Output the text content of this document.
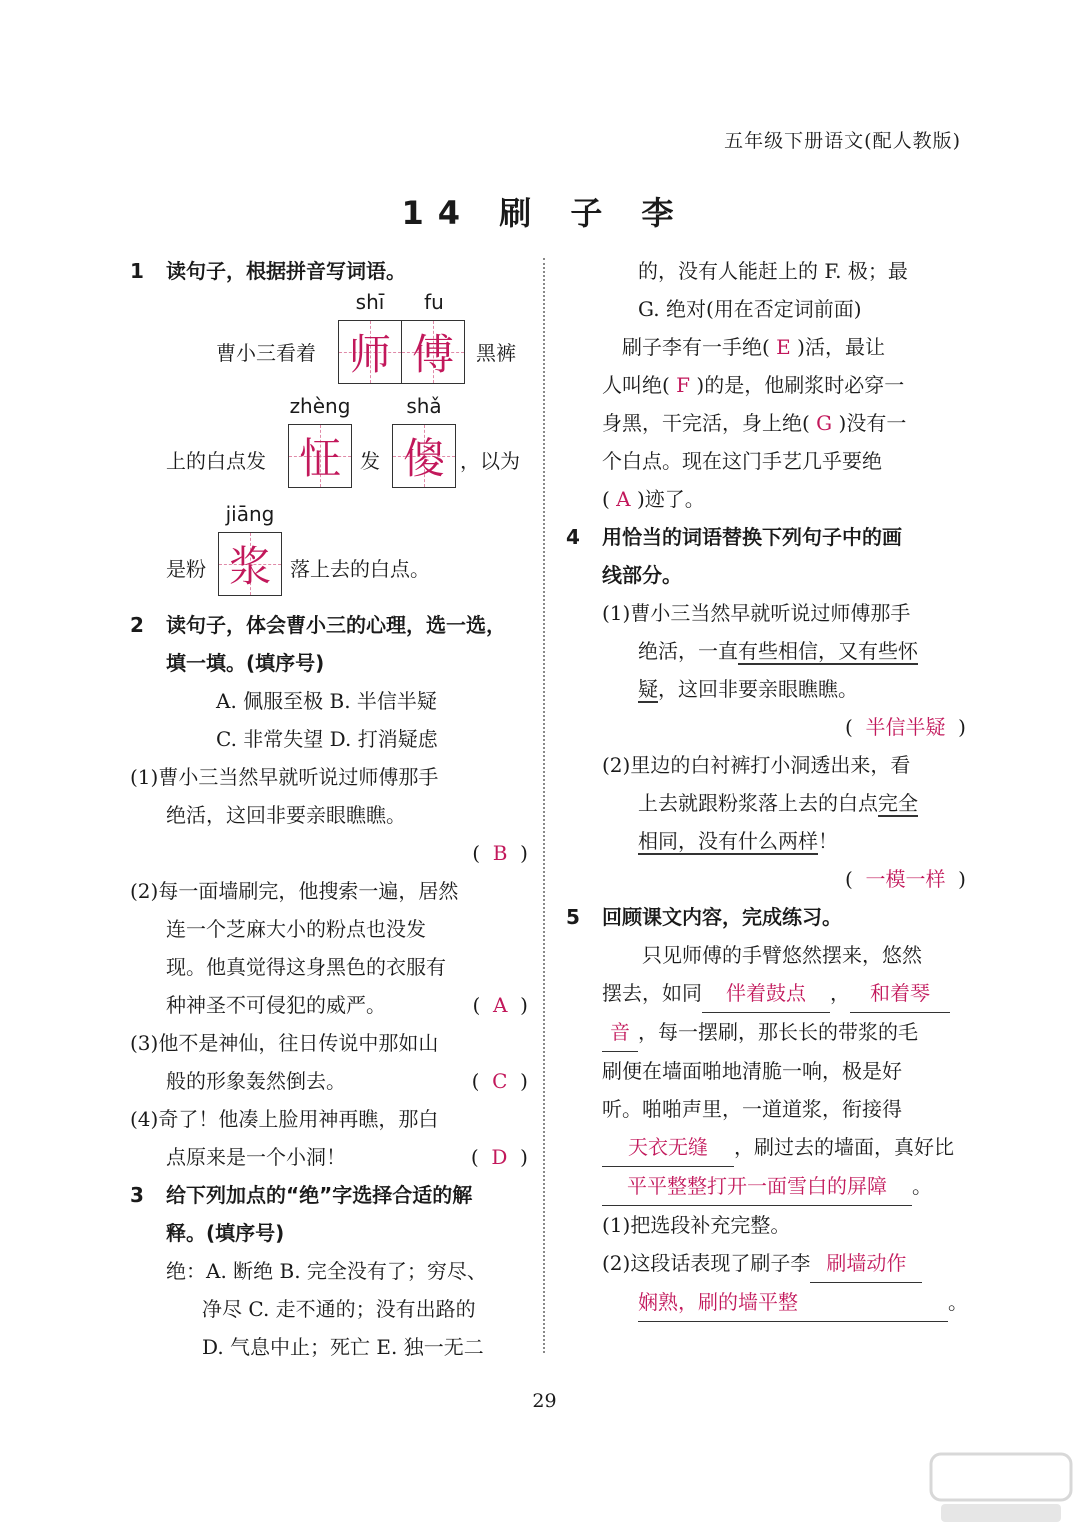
五年级下册语文(配人教版)
14 刷 子 李
1	读句子，根据拼音写词语。
曹小三看着
shī	fu
师 傅 黑裤
上的白点发
zhèng
怔 发
shǎ
傻 ，以为
是粉
jiāng
浆 落上去的白点。
2	读句子，体会曹小三的心理，选一选，
填一填。(填序号)
A. 佩服至极 B. 半信半疑
C. 非常失望 D. 打消疑虑
(1)曹小三当然早就听说过师傅那手
绝活，这回非要亲眼瞧瞧。
(  B  )
(2)每一面墙刷完，他搜索一遍，居然
连一个芝麻大小的粉点也没发
现。他真觉得这身黑色的衣服有
种神圣不可侵犯的威严。	(  A  )
(3)他不是神仙，往日传说中那如山
般的形象轰然倒去。	(  C  )
(4)奇了！他凑上脸用神再瞧，那白
点原来是一个小洞！	(  D  )
3	给下列加点的“绝”字选择合适的解
释。(填序号)
绝：A. 断绝 B. 完全没有了；穷尽、
净尽 C. 走不通的；没有出路的
D. 气息中止；死亡 E. 独一无二
的，没有人能赶上的 F. 极；最
G. 绝对(用在否定词前面)
刷子李有一手绝( E )活，最让
人叫绝( F )的是，他刷浆时必穿一
身黑，干完活，身上绝( G )没有一
个白点。现在这门手艺几乎要绝
( A )迹了。
4	用恰当的词语替换下列句子中的画
线部分。
(1)曹小三当然早就听说过师傅那手
绝活，一直有些相信，又有些怀
疑，这回非要亲眼瞧瞧。
(  半信半疑  )
(2)里边的白衬裤打小洞透出来，看
上去就跟粉浆落上去的白点完全
相同，没有什么两样！
(  一模一样  )
5	回顾课文内容，完成练习。
只见师傅的手臂悠然摆来，悠然
摆去，如同 伴着鼓点 ， 和着琴
音 ，每一摆刷，那长长的带浆的毛
刷便在墙面啪地清脆一响，极是好
听。啪啪声里，一道道浆，衔接得
天衣无缝 ，刷过去的墙面，真好比
平平整整打开一面雪白的屏障 。
(1)把选段补充完整。
(2)这段话表现了刷子李 刷墙动作
娴熟，刷的墙平整	。
29
